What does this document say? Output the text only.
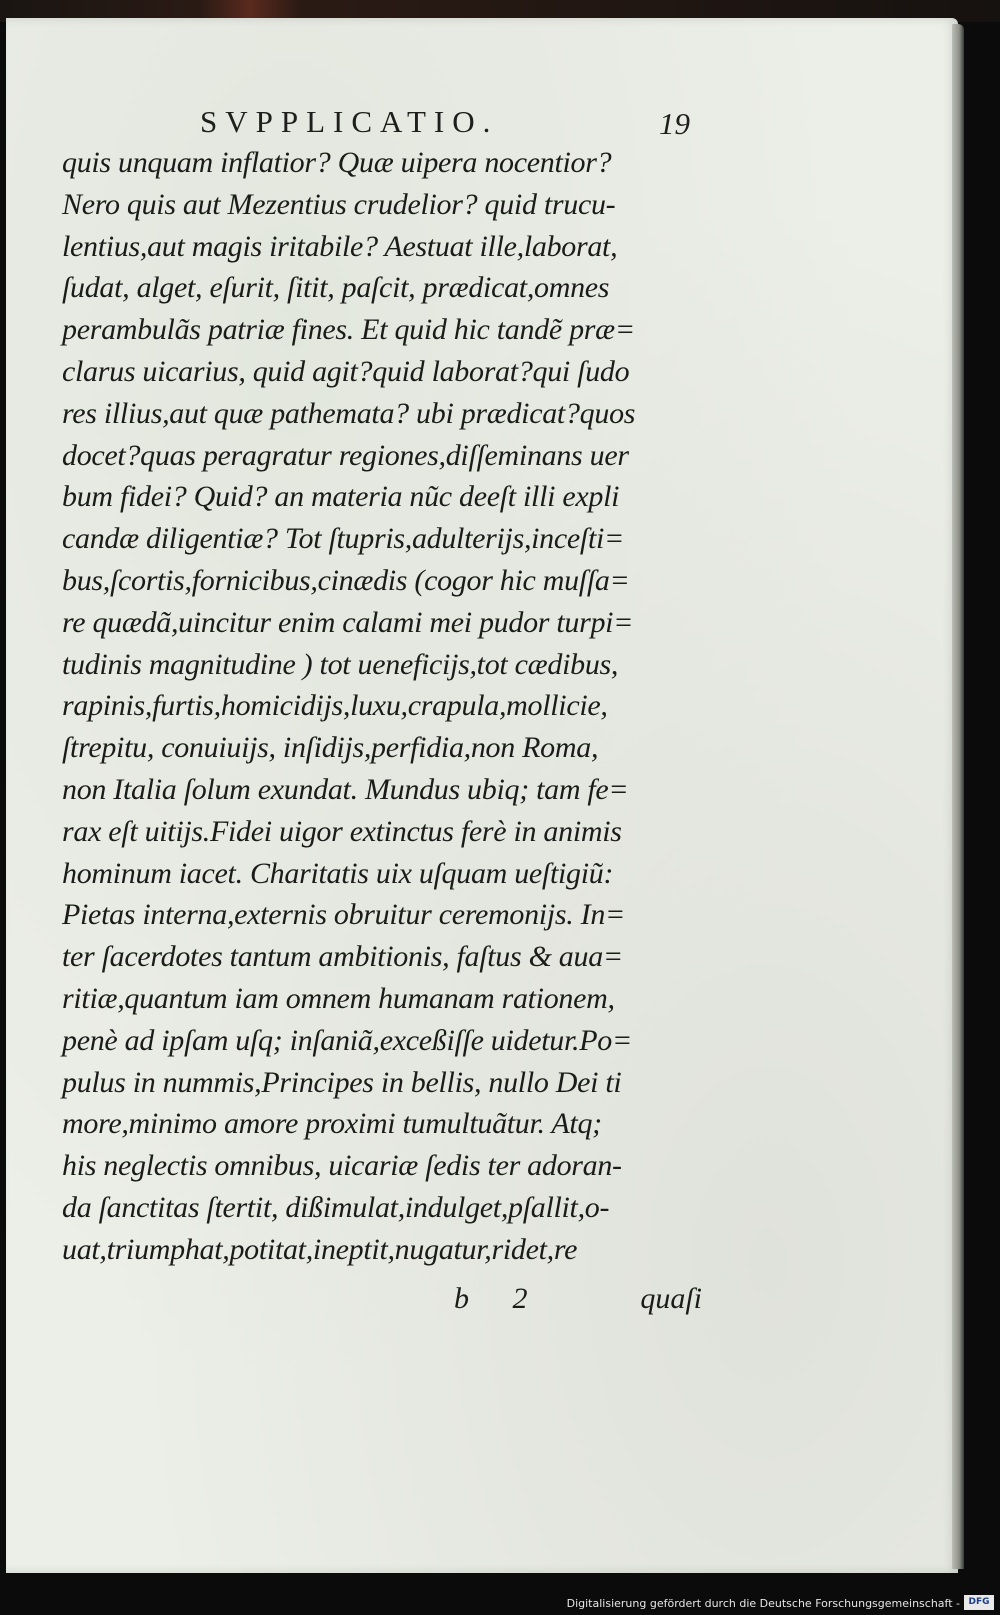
SVPPLICATIO.	19
quis unquam inflatior? Quæ uipera nocentior?
Nero quis aut Mezentius crudelior? quid trucu-
lentius,aut magis iritabile? Aestuat ille,laborat,
ſudat, alget, eſurit, ſitit, paſcit, prædicat,omnes
perambulãs patriæ fines. Et quid hic tandẽ præ=
clarus uicarius, quid agit?quid laborat?qui ſudo
res illius,aut quæ pathemata? ubi prædicat?quos
docet?quas peragratur regiones,diſſeminans uer
bum fidei? Quid? an materia nũc deeſt illi expli
candæ diligentiæ? Tot ſtupris,adulterijs,inceſti=
bus,ſcortis,fornicibus,cinædis (cogor hic muſſa=
re quædã,uincitur enim calami mei pudor turpi=
tudinis magnitudine ) tot ueneficijs,tot cædibus,
rapinis,furtis,homicidijs,luxu,crapula,mollicie,
ſtrepitu, conuiuijs, inſidijs,perfidia,non Roma,
non Italia ſolum exundat. Mundus ubiq; tam fe=
rax eſt uitijs.Fidei uigor extinctus ferè in animis
hominum iacet. Charitatis uix uſquam ueſtigiũ:
Pietas interna,externis obruitur ceremonijs. In=
ter ſacerdotes tantum ambitionis, faſtus & aua=
ritiæ,quantum iam omnem humanam rationem,
penè ad ipſam uſq; inſaniã,exceßiſſe uidetur.Po=
pulus in nummis,Principes in bellis, nullo Dei ti
more,minimo amore proximi tumultuãtur. Atq;
his neglectis omnibus, uicariæ ſedis ter adoran-
da ſanctitas ſtertit, dißimulat,indulget,pſallit,o-
uat,triumphat,potitat,ineptit,nugatur,ridet,re
b 2	quaſi
Digitalisierung gefördert durch die Deutsche Forschungsgemeinschaft - DFG
